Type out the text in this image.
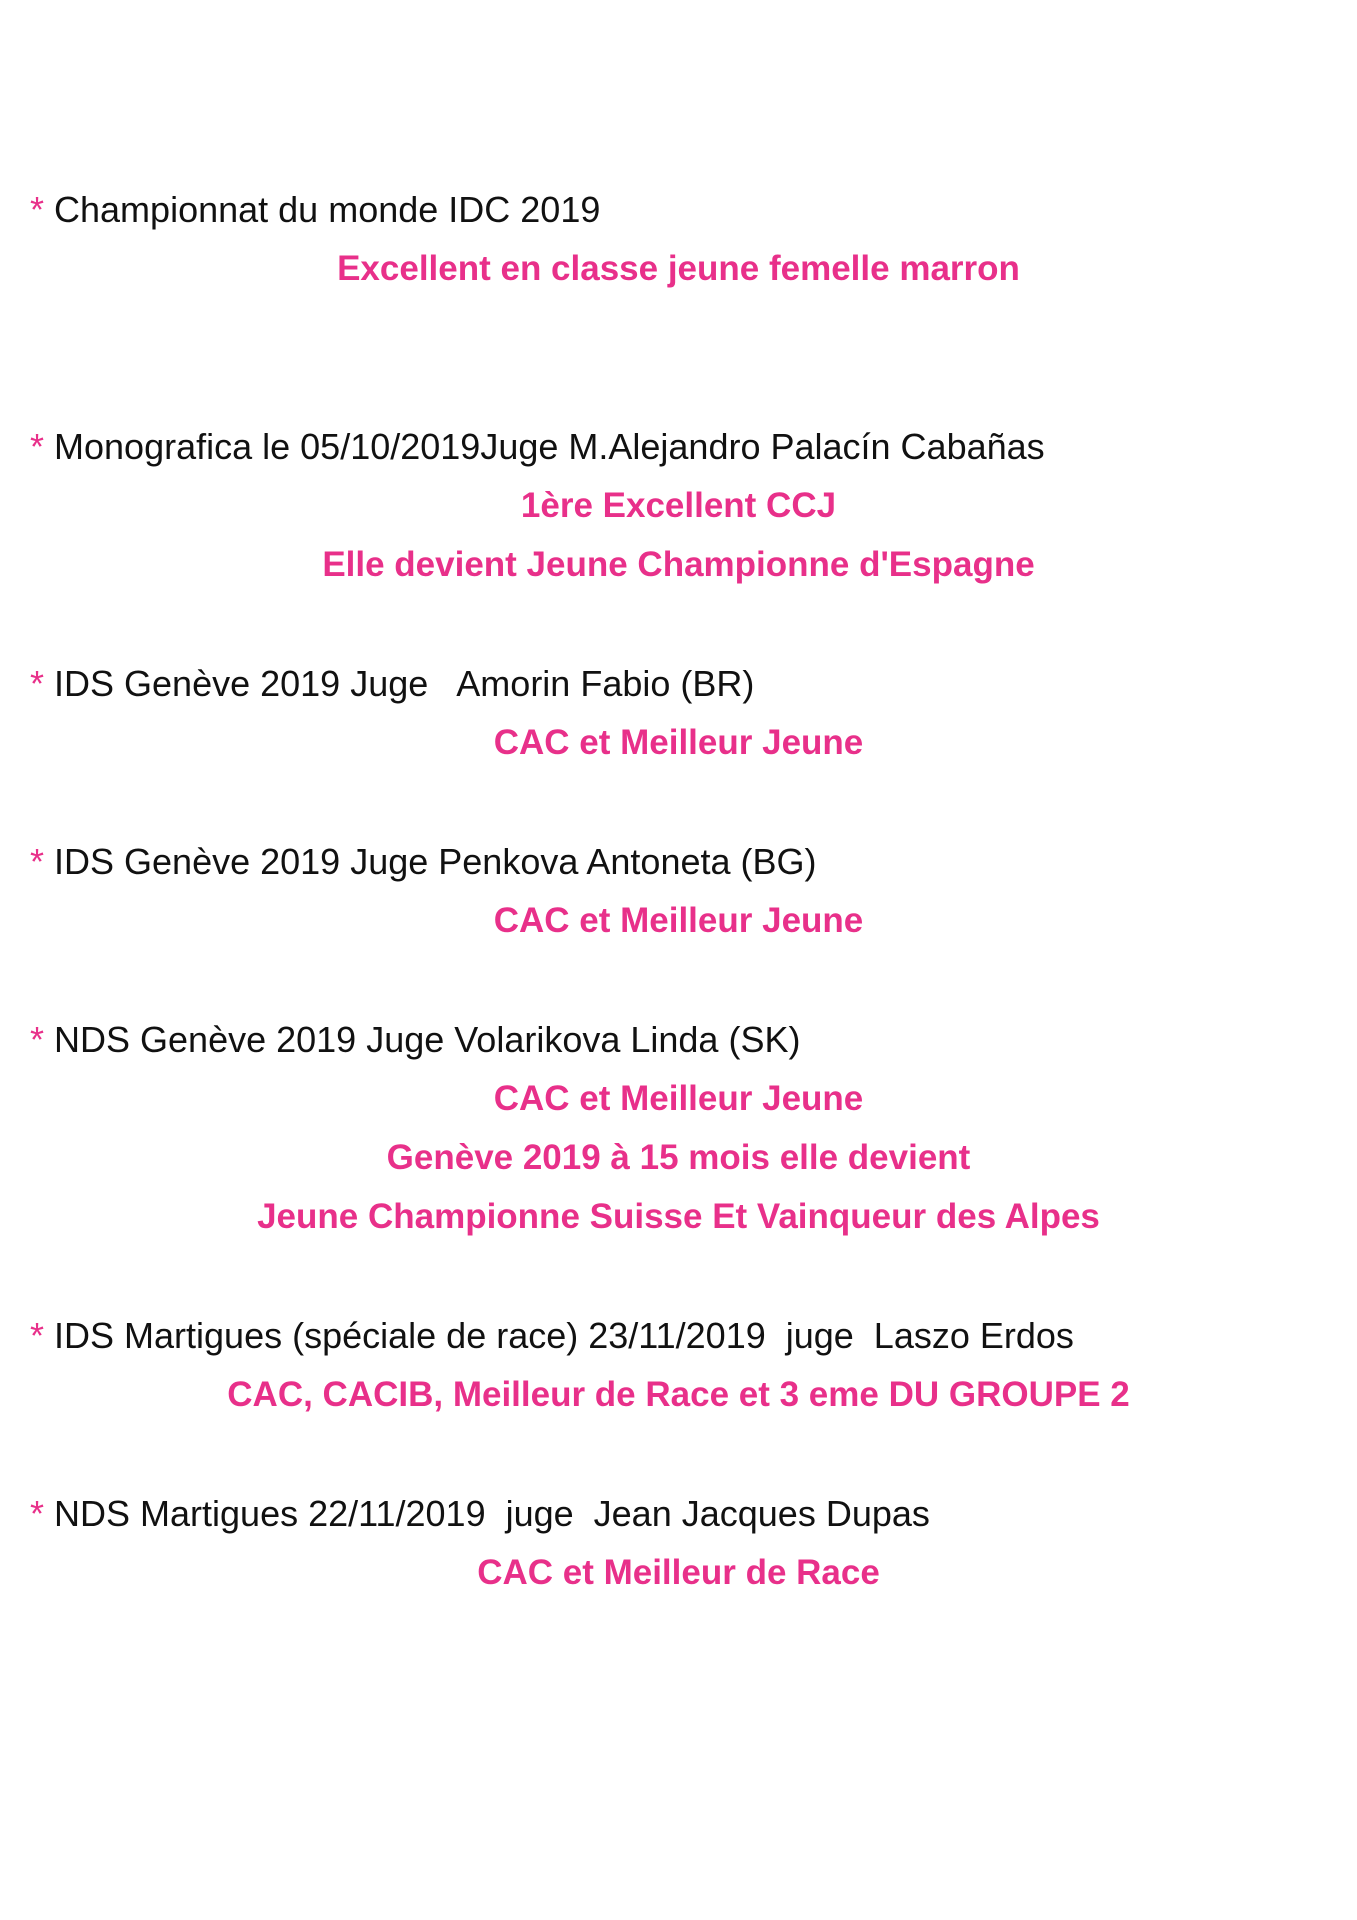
* Championnat du monde IDC 2019
Excellent en classe jeune femelle marron
* Monografica le 05/10/2019Juge M.Alejandro Palacín Cabañas
1ère Excellent CCJ
Elle devient Jeune Championne d'Espagne
* IDS Genève 2019 Juge   Amorin Fabio (BR)
CAC et Meilleur Jeune
* IDS Genève 2019 Juge Penkova Antoneta (BG)
CAC et Meilleur Jeune
* NDS Genève 2019 Juge Volarikova Linda (SK)
CAC et Meilleur Jeune
Genève 2019 à 15 mois elle devient
Jeune Championne Suisse Et Vainqueur des Alpes
* IDS Martigues (spéciale de race) 23/11/2019  juge  Laszo Erdos
CAC, CACIB, Meilleur de Race et 3 eme DU GROUPE 2
* NDS Martigues 22/11/2019  juge  Jean Jacques Dupas
CAC et Meilleur de Race
